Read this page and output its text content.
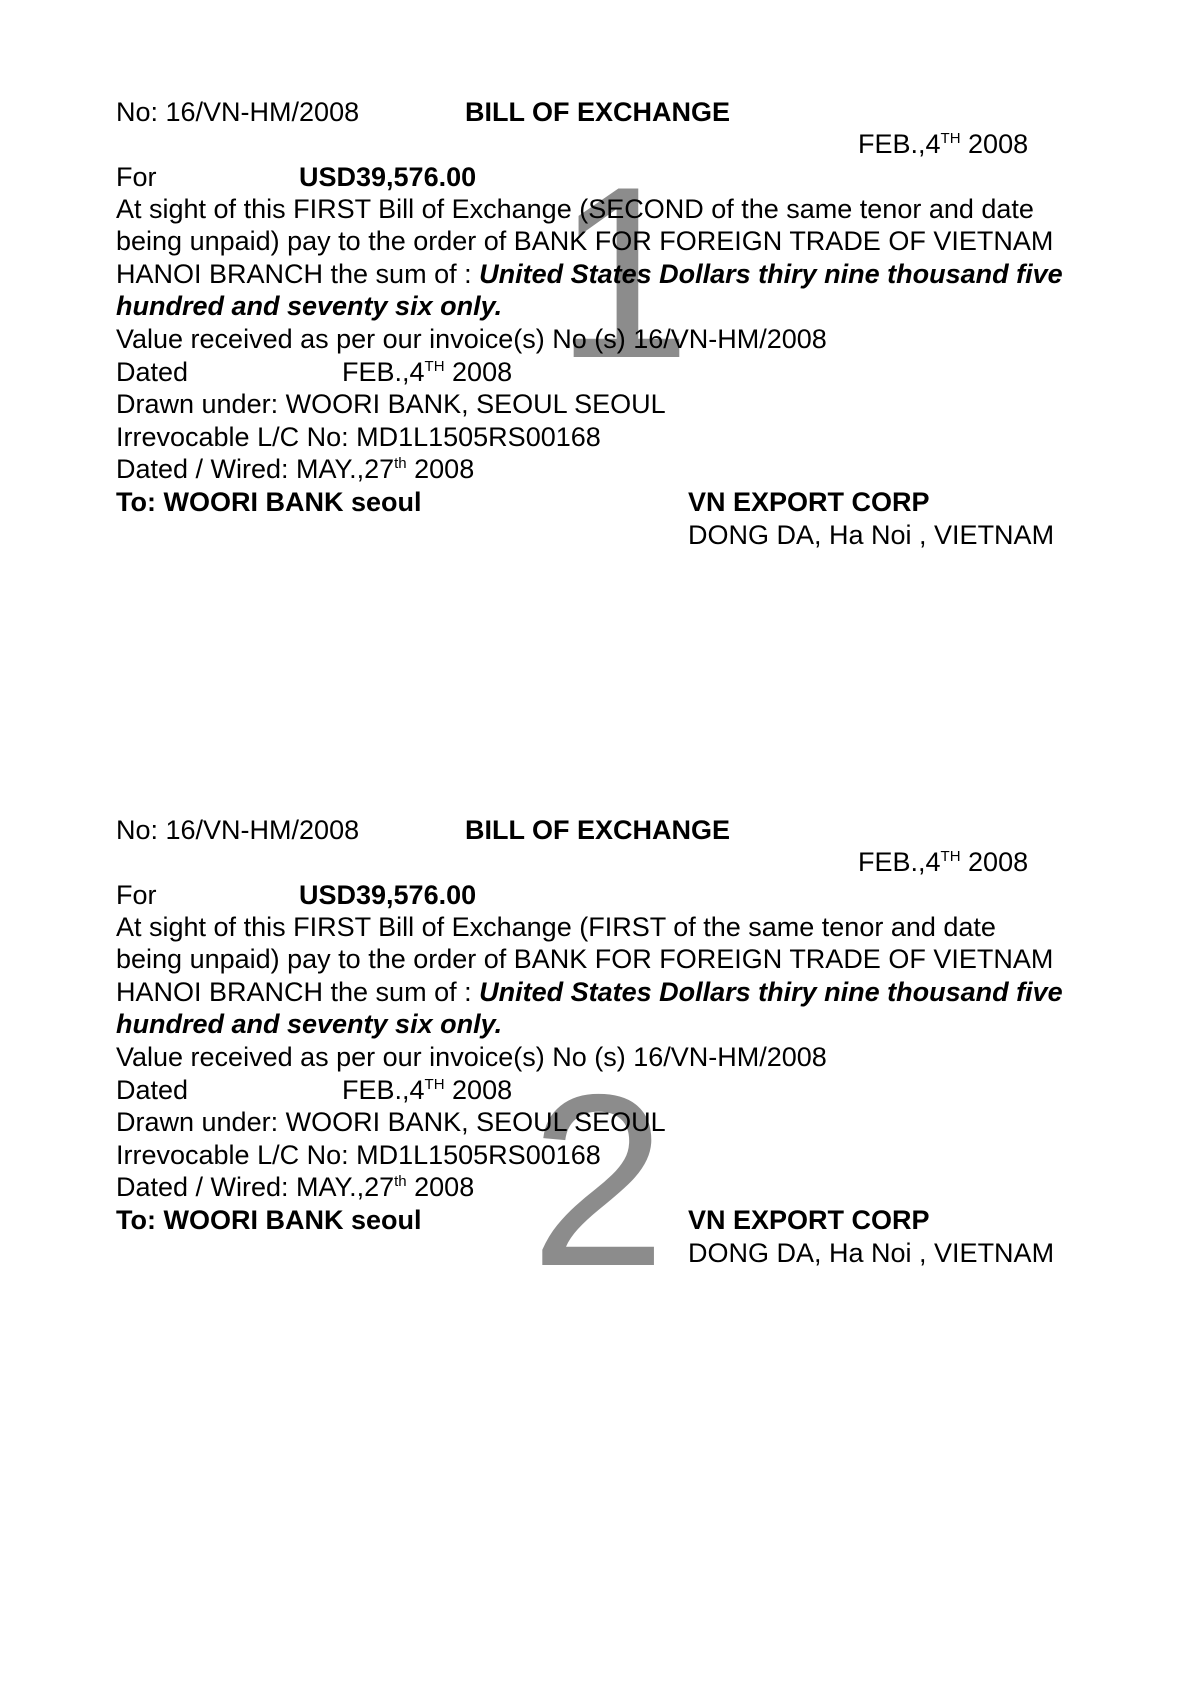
1
No: 16/VN-HM/2008	BILL OF EXCHANGE
FEB.,4TH 2008
For	USD39,576.00
At sight of this FIRST Bill of Exchange (SECOND of the same tenor and date
being unpaid) pay to the order of BANK FOR FOREIGN TRADE OF VIETNAM
HANOI BRANCH the sum of : United States Dollars thiry nine thousand five
hundred and seventy six only.
Value received as per our invoice(s) No (s) 16/VN-HM/2008
Dated	FEB.,4TH 2008
Drawn under: WOORI BANK, SEOUL SEOUL
Irrevocable L/C No: MD1L1505RS00168
Dated / Wired: MAY.,27th 2008
To: WOORI BANK seoul	VN EXPORT CORP
DONG DA, Ha Noi , VIETNAM
2
No: 16/VN-HM/2008	BILL OF EXCHANGE
FEB.,4TH 2008
For	USD39,576.00
At sight of this FIRST Bill of Exchange (FIRST of the same tenor and date
being unpaid) pay to the order of BANK FOR FOREIGN TRADE OF VIETNAM
HANOI BRANCH the sum of : United States Dollars thiry nine thousand five
hundred and seventy six only.
Value received as per our invoice(s) No (s) 16/VN-HM/2008
Dated	FEB.,4TH 2008
Drawn under: WOORI BANK, SEOUL SEOUL
Irrevocable L/C No: MD1L1505RS00168
Dated / Wired: MAY.,27th 2008
To: WOORI BANK seoul	VN EXPORT CORP
DONG DA, Ha Noi , VIETNAM
